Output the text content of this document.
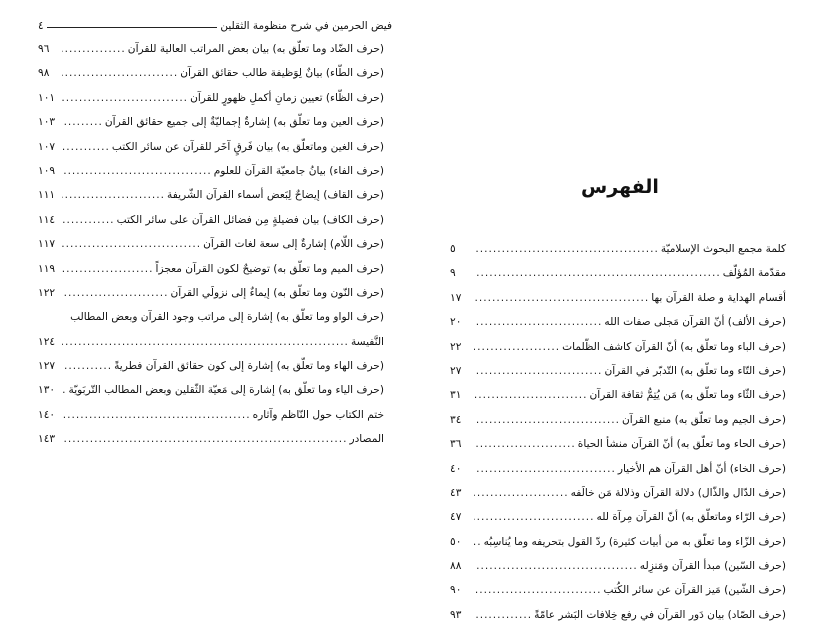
فيض الحرمين في شرح منظومة الثقلين
٤
(حرف الضّاد وما تعلّق به) بيان بعض المراتب العالية للقرآن
.....
٩٦
(حرف الطّاء) بيانٌ لِوَظيفة طالب حقائق القرآن
.....
٩٨
(حرف الظّاء) تعيين زمانِ أكملِ ظهورٍ للقرآن
.....
١٠١
(حرف العين وما تعلّق به) إشارةٌ إجماليّةٌ إلى جميع حقائق القرآن
.....
١٠٣
(حرف الغين وماتعلّق به) بيان فَرقٍ آخَر للقرآن عن سائر الكتب
.....
١٠٧
(حرف الفاء) بيانُ جامعيّة القرآن للعلوم
.....
١٠٩
(حرف القاف) إيضاحٌ لِبَعض أسماء القرآن الشّريفة
.....
١١١
(حرف الكاف) بيان فضيلةٍ مِن فضائل القرآن على سائر الكتب
.....
١١٤
(حرف اللّام) إشارةٌ إلى سعة لغات القرآن
.....
١١٧
(حرف الميم وما تعلّق به) توضيحٌ لكون القرآن معجزاً
.....
١١٩
(حرف النّون وما تعلّق به) إيماءٌ إلى نزولَي القرآن
.....
١٢٢
(حرف الواو وما تعلّق به) إشارة إلى مراتب وجود القرآن وبعض المطالب
النَّفيسة
.....
١٢٤
(حرف الهاء وما تعلّق به) إشارة إلى كون حقائق القرآن فطريةً
.....
١٢٧
(حرف الياء وما تعلّق به) إشارة إلى مَعيّة الثّقلين وبعض المطالب التّربَويّة
.....
١٣٠
ختم الكتاب حول النّاظم وآثاره
.....
١٤٠
المصادر
.....
١٤٣
الفهرس
كلمة مجمع البحوث الإسلاميّة
.....
٥
مقدّمة المُؤلّف
.....
٩
أقسام الهداية و صلة القرآن بها
.....
١٧
(حرف الألف) أنّ القرآن مَجلى صفات الله
.....
٢٠
(حرف الباء وما تعلّق به) أنّ القرآن كاشف الظّلمات
.....
٢٢
(حرف التّاء وما تعلّق به) التّدبّر في القرآن
.....
٢٧
(حرف الثّاء وما تعلّق به) مَن يُتِمُّ ثقافة القرآن
.....
٣١
(حرف الجيم وما تعلّق به) منبع القرآن
.....
٣٤
(حرف الحاء وما تعلّق به) أنّ القرآن منشأ الحياة
.....
٣٦
(حرف الخاء) أنّ أهل القرآن هم الأخيار
.....
٤٠
(حرف الدّال والذّال) دلالة القرآن وذلالة مَن خالَفه
.....
٤٣
(حرف الرّاء وماتعلّق به) أنّ القرآن مِرآة لله
.....
٤٧
(حرف الزّاء وما تعلّق به من أبيات كثيرة) ردّ القول بتحريفه وما يُناسِبُه
.....
٥٠
(حرف السّين) مبدأ القرآن ومَنزِله
.....
٨٨
(حرف الشّين) مَيز القرآن عن سائر الكُتب
.....
٩٠
(حرف الصّاد) بيان دَور القرآن في رفع خِلافات البَشر عامّةً
.....
٩٣
